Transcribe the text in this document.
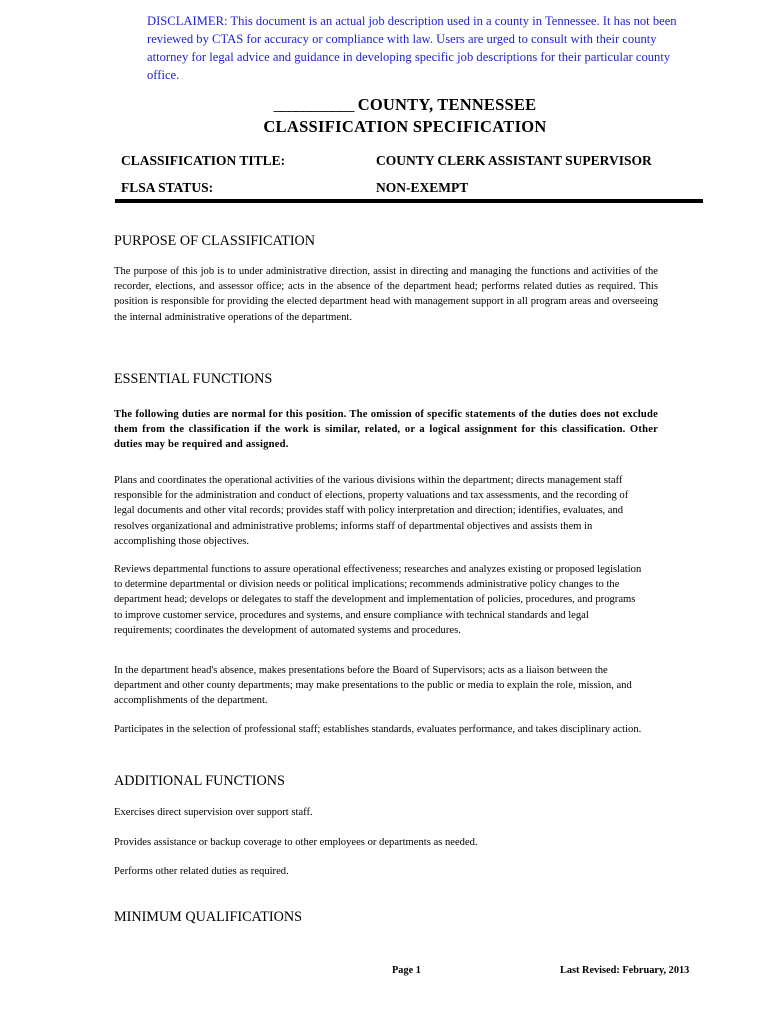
DISCLAIMER: This document is an actual job description used in a county in Tennessee. It has not been reviewed by CTAS for accuracy or compliance with law. Users are urged to consult with their county attorney for legal advice and guidance in developing specific job descriptions for their particular county office.
___________ COUNTY, TENNESSEE
CLASSIFICATION SPECIFICATION
CLASSIFICATION TITLE:	COUNTY CLERK ASSISTANT SUPERVISOR
FLSA STATUS:	NON-EXEMPT
PURPOSE OF CLASSIFICATION
The purpose of this job is to under administrative direction, assist in directing and managing the functions and activities of the recorder, elections, and assessor office; acts in the absence of the department head; performs related duties as required. This position is responsible for providing the elected department head with management support in all program areas and overseeing the internal administrative operations of the department.
ESSENTIAL FUNCTIONS
The following duties are normal for this position. The omission of specific statements of the duties does not exclude them from the classification if the work is similar, related, or a logical assignment for this classification. Other duties may be required and assigned.
Plans and coordinates the operational activities of the various divisions within the department; directs management staff responsible for the administration and conduct of elections, property valuations and tax assessments, and the recording of legal documents and other vital records; provides staff with policy interpretation and direction; identifies, evaluates, and resolves organizational and administrative problems; informs staff of departmental objectives and assists them in accomplishing those objectives.
Reviews departmental functions to assure operational effectiveness; researches and analyzes existing or proposed legislation to determine departmental or division needs or political implications; recommends administrative policy changes to the department head; develops or delegates to staff the development and implementation of policies, procedures, and programs to improve customer service, procedures and systems, and ensure compliance with technical standards and legal requirements; coordinates the development of automated systems and procedures.
In the department head's absence, makes presentations before the Board of Supervisors; acts as a liaison between the department and other county departments; may make presentations to the public or media to explain the role, mission, and accomplishments of the department.
Participates in the selection of professional staff; establishes standards, evaluates performance, and takes disciplinary action.
ADDITIONAL FUNCTIONS
Exercises direct supervision over support staff.
Provides assistance or backup coverage to other employees or departments as needed.
Performs other related duties as required.
MINIMUM QUALIFICATIONS
Page 1	Last Revised: February, 2013
